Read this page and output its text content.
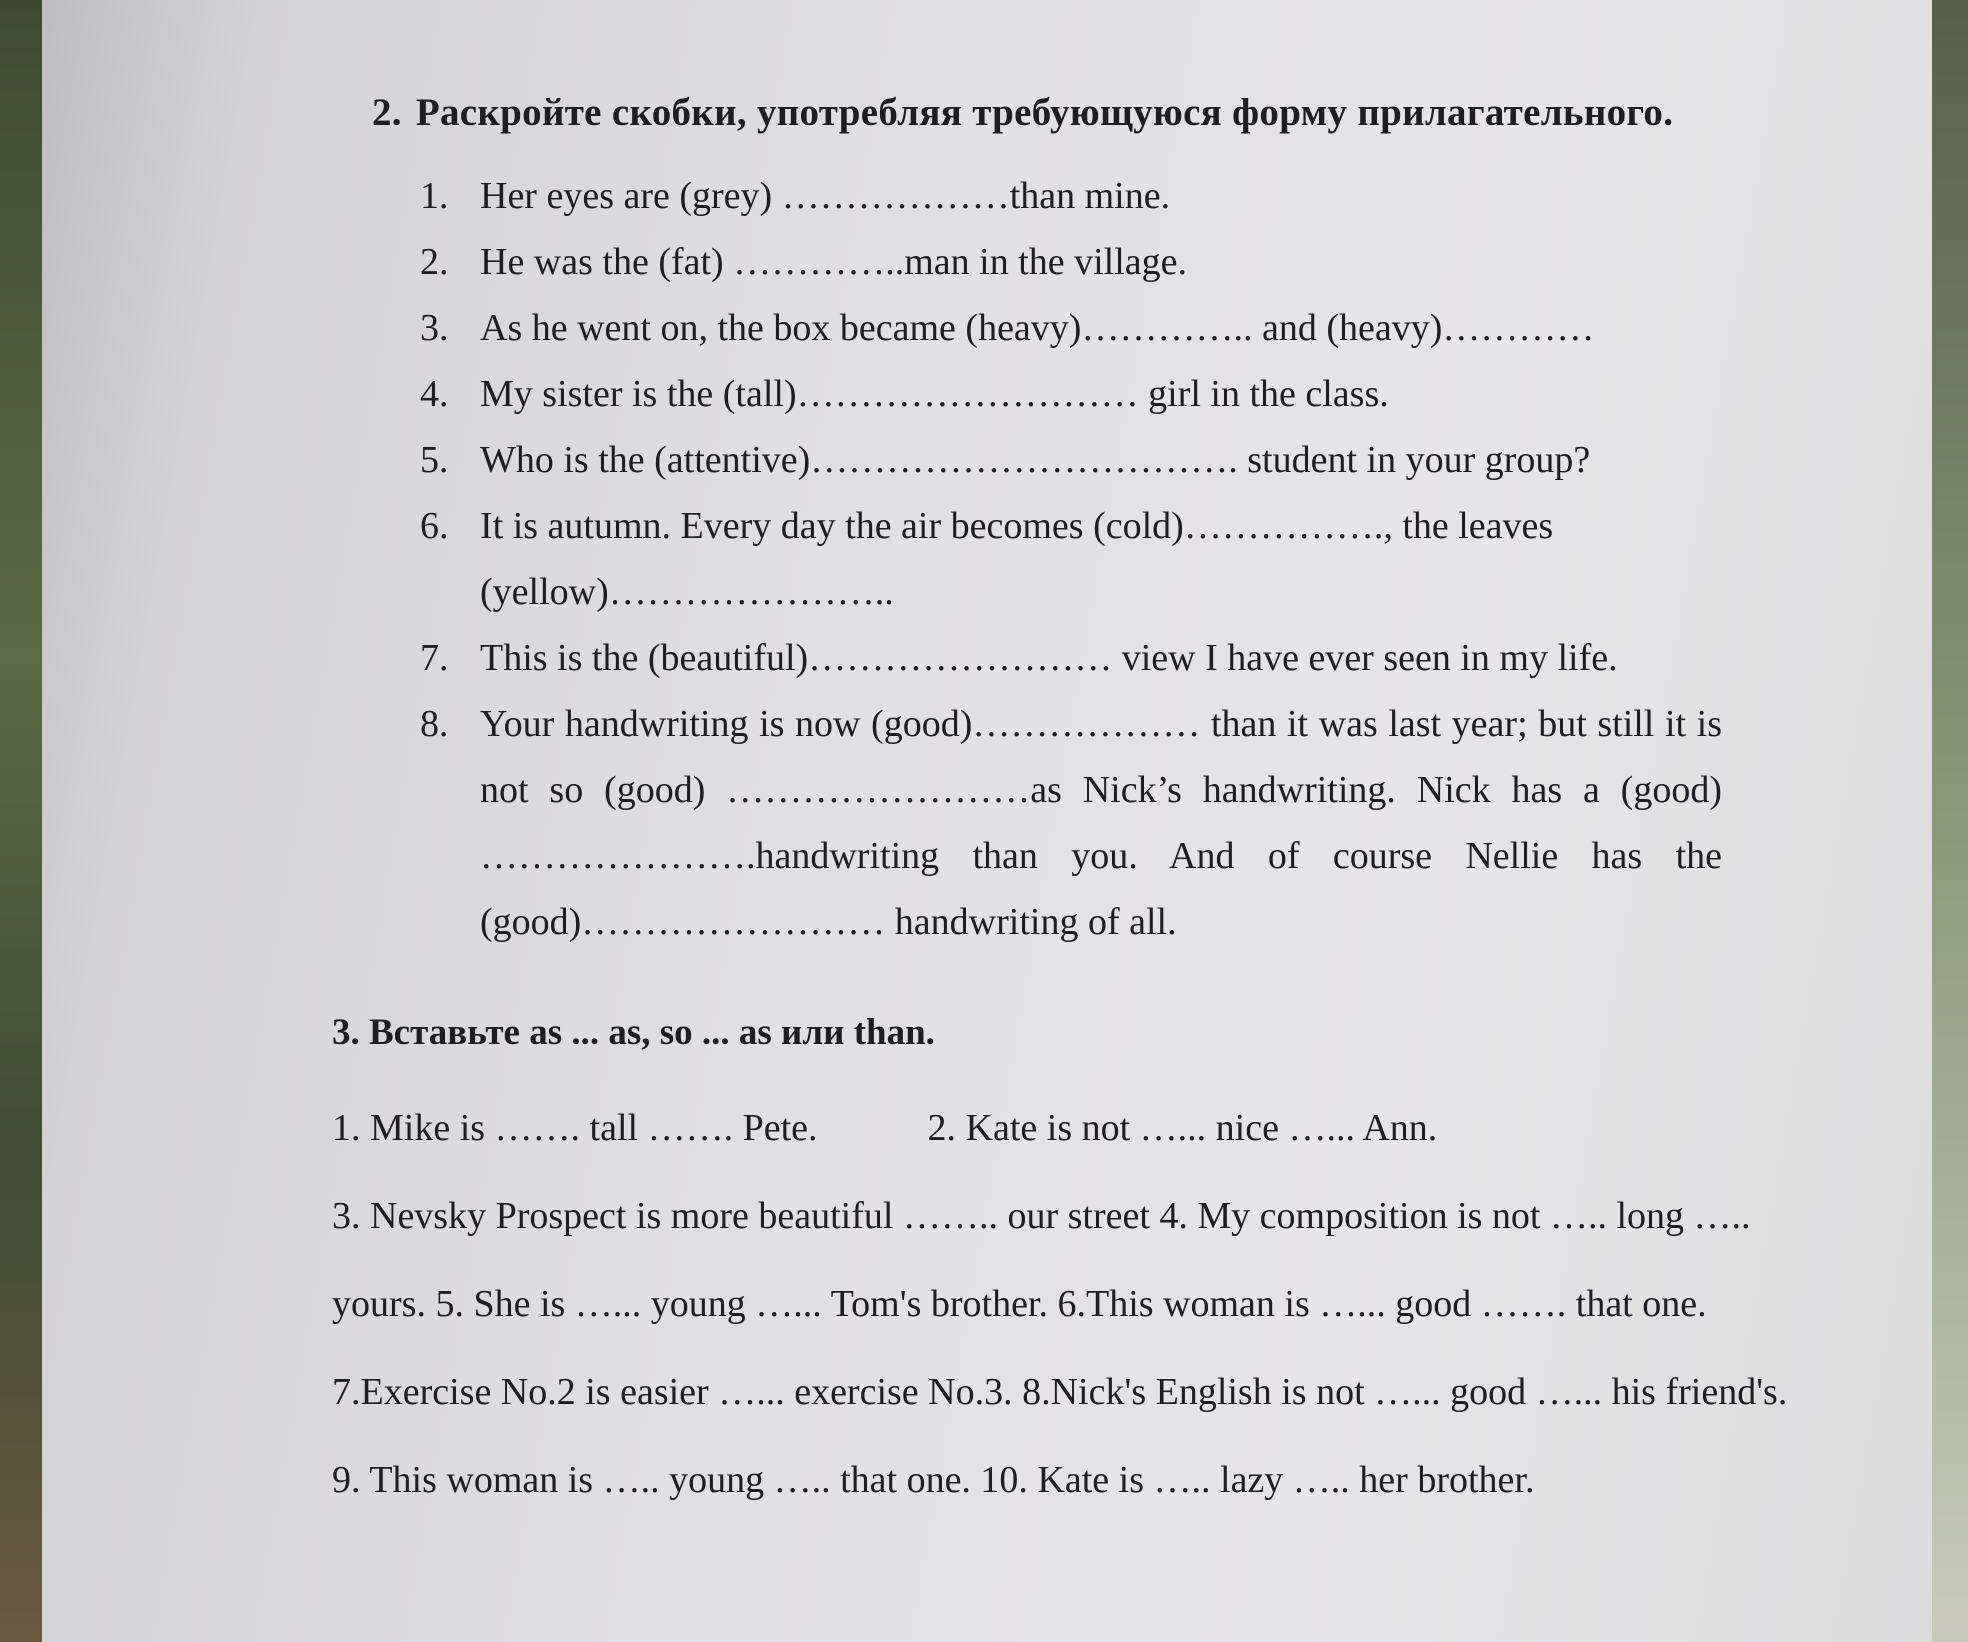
2. Раскройте скобки, употребляя требующуюся форму прилагательного.
1. Her eyes are (grey) ………………than mine.
2. He was the (fat) …………..man in the village.
3. As he went on, the box became (heavy)………….. and (heavy)…………
4. My sister is the (tall)……………………… girl in the class.
5. Who is the (attentive)……………………………. student in your group?
6. It is autumn. Every day the air becomes (cold)……………., the leaves
(yellow)…………………..
7. This is the (beautiful)…………………… view I have ever seen in my life.
8. Your handwriting is now (good)……………… than it was last year; but still it is not so (good) ……………………as Nick’s handwriting. Nick has a (good) ………………….handwriting than you. And of course Nellie has the (good)…………………… handwriting of all.
3. Вставьте as ... as, so ... as или than.
1. Mike is ……. tall ……. Pete.	2. Kate is not …... nice …... Ann.
3. Nevsky Prospect is more beautiful …….. our street 4. My composition is not ….. long …..
yours. 5. She is …... young …... Tom's brother. 6.This woman is …... good ……. that one.
7.Exercise No.2 is easier …... exercise No.3. 8.Nick's English is not …... good …... his friend's.
9. This woman is ….. young ….. that one. 10. Kate is ….. lazy ….. her brother.
